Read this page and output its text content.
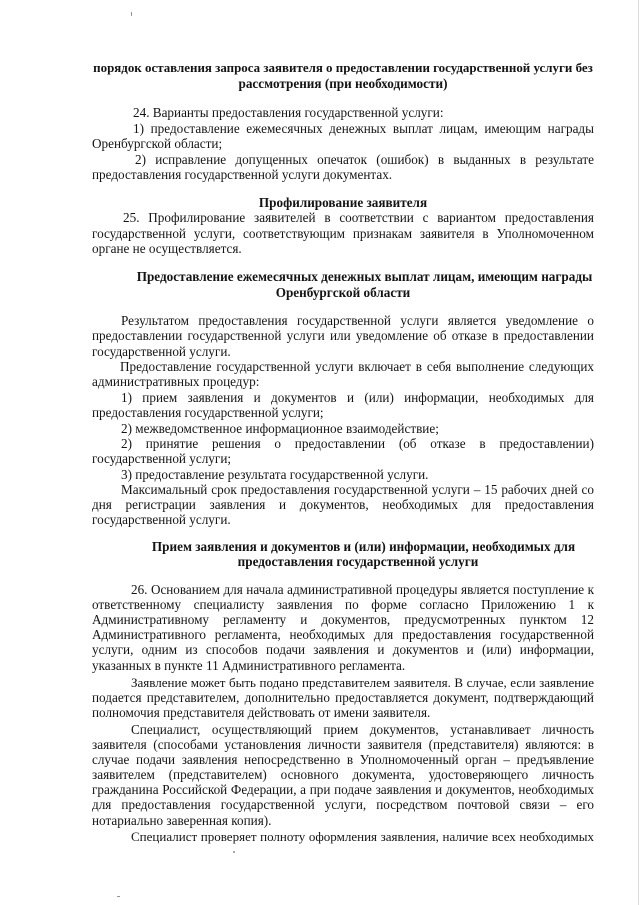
порядок оставления запроса заявителя о предоставлении государственной услуги без
рассмотрения (при необходимости)
24. Варианты предоставления государственной услуги:
1) предоставление ежемесячных денежных выплат лицам, имеющим награды
Оренбургской области;
2) исправление допущенных опечаток (ошибок) в выданных в результате
предоставления государственной услуги документах.
Профилирование заявителя
25. Профилирование заявителей в соответствии с вариантом предоставления
государственной услуги, соответствующим признакам заявителя в Уполномоченном
органе не осуществляется.
Предоставление ежемесячных денежных выплат лицам, имеющим награды
Оренбургской области
Результатом предоставления государственной услуги является уведомление о
предоставлении государственной услуги или уведомление об отказе в предоставлении
государственной услуги.
Предоставление государственной услуги включает в себя выполнение следующих
административных процедур:
1) прием заявления и документов и (или) информации, необходимых для
предоставления государственной услуги;
2) межведомственное информационное взаимодействие;
2) принятие решения о предоставлении (об отказе в предоставлении)
государственной услуги;
3) предоставление результата государственной услуги.
Максимальный срок предоставления государственной услуги – 15 рабочих дней со
дня регистрации заявления и документов, необходимых для предоставления
государственной услуги.
Прием заявления и документов и (или) информации, необходимых для
предоставления государственной услуги
26. Основанием для начала административной процедуры является поступление к
ответственному специалисту заявления по форме согласно Приложению 1 к
Административному регламенту и документов, предусмотренных пунктом 12
Административного регламента, необходимых для предоставления государственной
услуги, одним из способов подачи заявления и документов и (или) информации,
указанных в пункте 11 Административного регламента.
Заявление может быть подано представителем заявителя. В случае, если заявление
подается представителем, дополнительно предоставляется документ, подтверждающий
полномочия представителя действовать от имени заявителя.
Специалист, осуществляющий прием документов, устанавливает личность
заявителя (способами установления личности заявителя (представителя) являются: в
случае подачи заявления непосредственно в Уполномоченный орган – предъявление
заявителем (представителем) основного документа, удостоверяющего личность
гражданина Российской Федерации, а при подаче заявления и документов, необходимых
для предоставления государственной услуги, посредством почтовой связи – его
нотариально заверенная копия).
Специалист проверяет полноту оформления заявления, наличие всех необходимых
